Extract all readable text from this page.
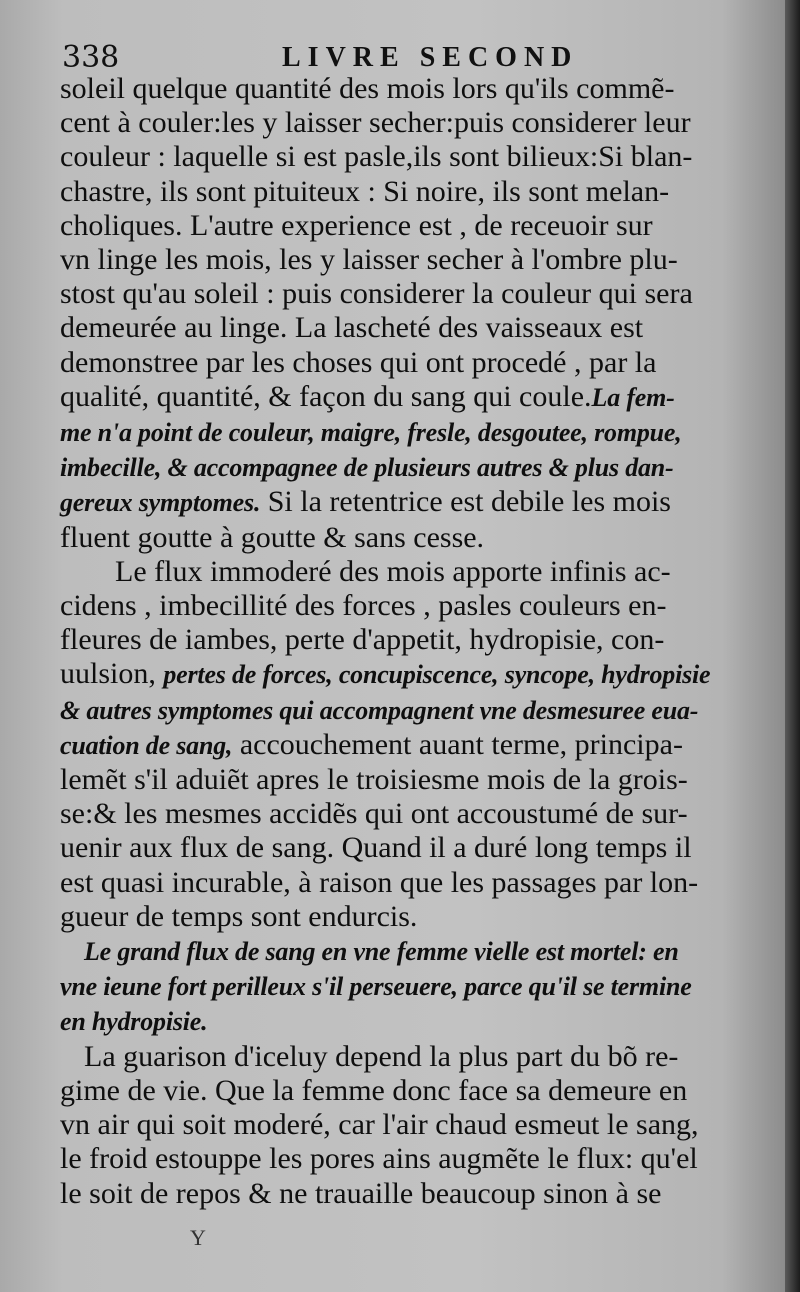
338	LIVRE SECOND
soleil quelque quantité des mois lors qu'ils commẽ-
cent à couler:les y laisser secher:puis considerer leur
couleur : laquelle si est pasle,ils sont bilieux:Si blan-
chastre, ils sont pituiteux : Si noire, ils sont melan-
choliques. L'autre experience est , de receuoir sur
vn linge les mois, les y laisser secher à l'ombre plu-
stost qu'au soleil : puis considerer la couleur qui sera
demeurée au linge. La lascheté des vaisseaux est
demonstree par les choses qui ont procedé , par la
qualité, quantité, & façon du sang qui coule.La fem-
me n'a point de couleur, maigre, fresle, desgoutee, rompue,
imbecille, & accompagnee de plusieurs autres & plus dan-
gereux symptomes. Si la retentrice est debile les mois
fluent goutte à goutte & sans cesse.
Le flux immoderé des mois apporte infinis ac-
cidens , imbecillité des forces , pasles couleurs en-
fleures de iambes, perte d'appetit, hydropisie, con-
uulsion, pertes de forces, concupiscence, syncope, hydropisie
& autres symptomes qui accompagnent vne desmesuree eua-
cuation de sang, accouchement auant terme, principa-
lemẽt s'il aduiẽt apres le troisiesme mois de la grois-
se:& les mesmes accidẽs qui ont accoustumé de sur-
uenir aux flux de sang. Quand il a duré long temps il
est quasi incurable, à raison que les passages par lon-
gueur de temps sont endurcis.
Le grand flux de sang en vne femme vielle est mortel: en
vne ieune fort perilleux s'il perseuere, parce qu'il se termine
en hydropisie.
La guarison d'iceluy depend la plus part du bõ re-
gime de vie. Que la femme donc face sa demeure en
vn air qui soit moderé, car l'air chaud esmeut le sang,
le froid estouppe les pores ains augmẽte le flux: qu'el
le soit de repos & ne trauaille beaucoup sinon à se
Y
